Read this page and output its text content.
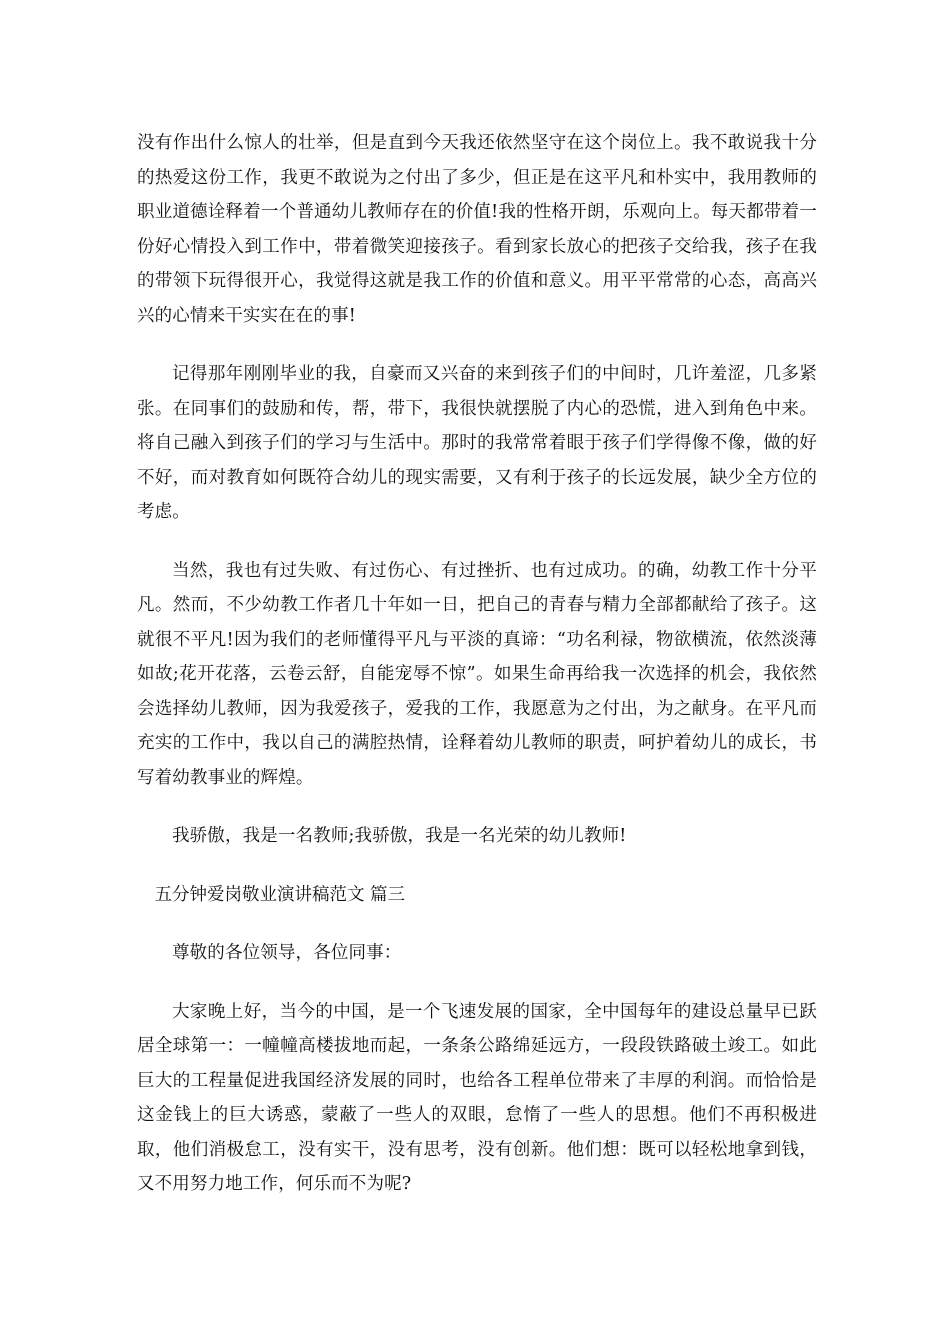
没有作出什么惊人的壮举，但是直到今天我还依然坚守在这个岗位上。我不敢说我十分的热爱这份工作，我更不敢说为之付出了多少，但正是在这平凡和朴实中，我用教师的职业道德诠释着一个普通幼儿教师存在的价值!我的性格开朗，乐观向上。每天都带着一份好心情投入到工作中，带着微笑迎接孩子。看到家长放心的把孩子交给我，孩子在我的带领下玩得很开心，我觉得这就是我工作的价值和意义。用平平常常的心态，高高兴兴的心情来干实实在在的事!

记得那年刚刚毕业的我，自豪而又兴奋的来到孩子们的中间时，几许羞涩，几多紧张。在同事们的鼓励和传，帮，带下，我很快就摆脱了内心的恐慌，进入到角色中来。将自己融入到孩子们的学习与生活中。那时的我常常着眼于孩子们学得像不像，做的好不好，而对教育如何既符合幼儿的现实需要，又有利于孩子的长远发展，缺少全方位的考虑。

当然，我也有过失败、有过伤心、有过挫折、也有过成功。的确，幼教工作十分平凡。然而，不少幼教工作者几十年如一日，把自己的青春与精力全部都献给了孩子。这就很不平凡!因为我们的老师懂得平凡与平淡的真谛：“功名利禄，物欲横流，依然淡薄如故;花开花落，云卷云舒，自能宠辱不惊”。如果生命再给我一次选择的机会，我依然会选择幼儿教师，因为我爱孩子，爱我的工作，我愿意为之付出，为之献身。在平凡而充实的工作中，我以自己的满腔热情，诠释着幼儿教师的职责，呵护着幼儿的成长，书写着幼教事业的辉煌。

我骄傲，我是一名教师;我骄傲，我是一名光荣的幼儿教师!

五分钟爱岗敬业演讲稿范文 篇三

尊敬的各位领导，各位同事：

大家晚上好，当今的中国，是一个飞速发展的国家，全中国每年的建设总量早已跃居全球第一：一幢幢高楼拔地而起，一条条公路绵延远方，一段段铁路破土竣工。如此巨大的工程量促进我国经济发展的同时，也给各工程单位带来了丰厚的利润。而恰恰是这金钱上的巨大诱惑，蒙蔽了一些人的双眼，怠惰了一些人的思想。他们不再积极进取，他们消极怠工，没有实干，没有思考，没有创新。他们想：既可以轻松地拿到钱，又不用努力地工作，何乐而不为呢?
